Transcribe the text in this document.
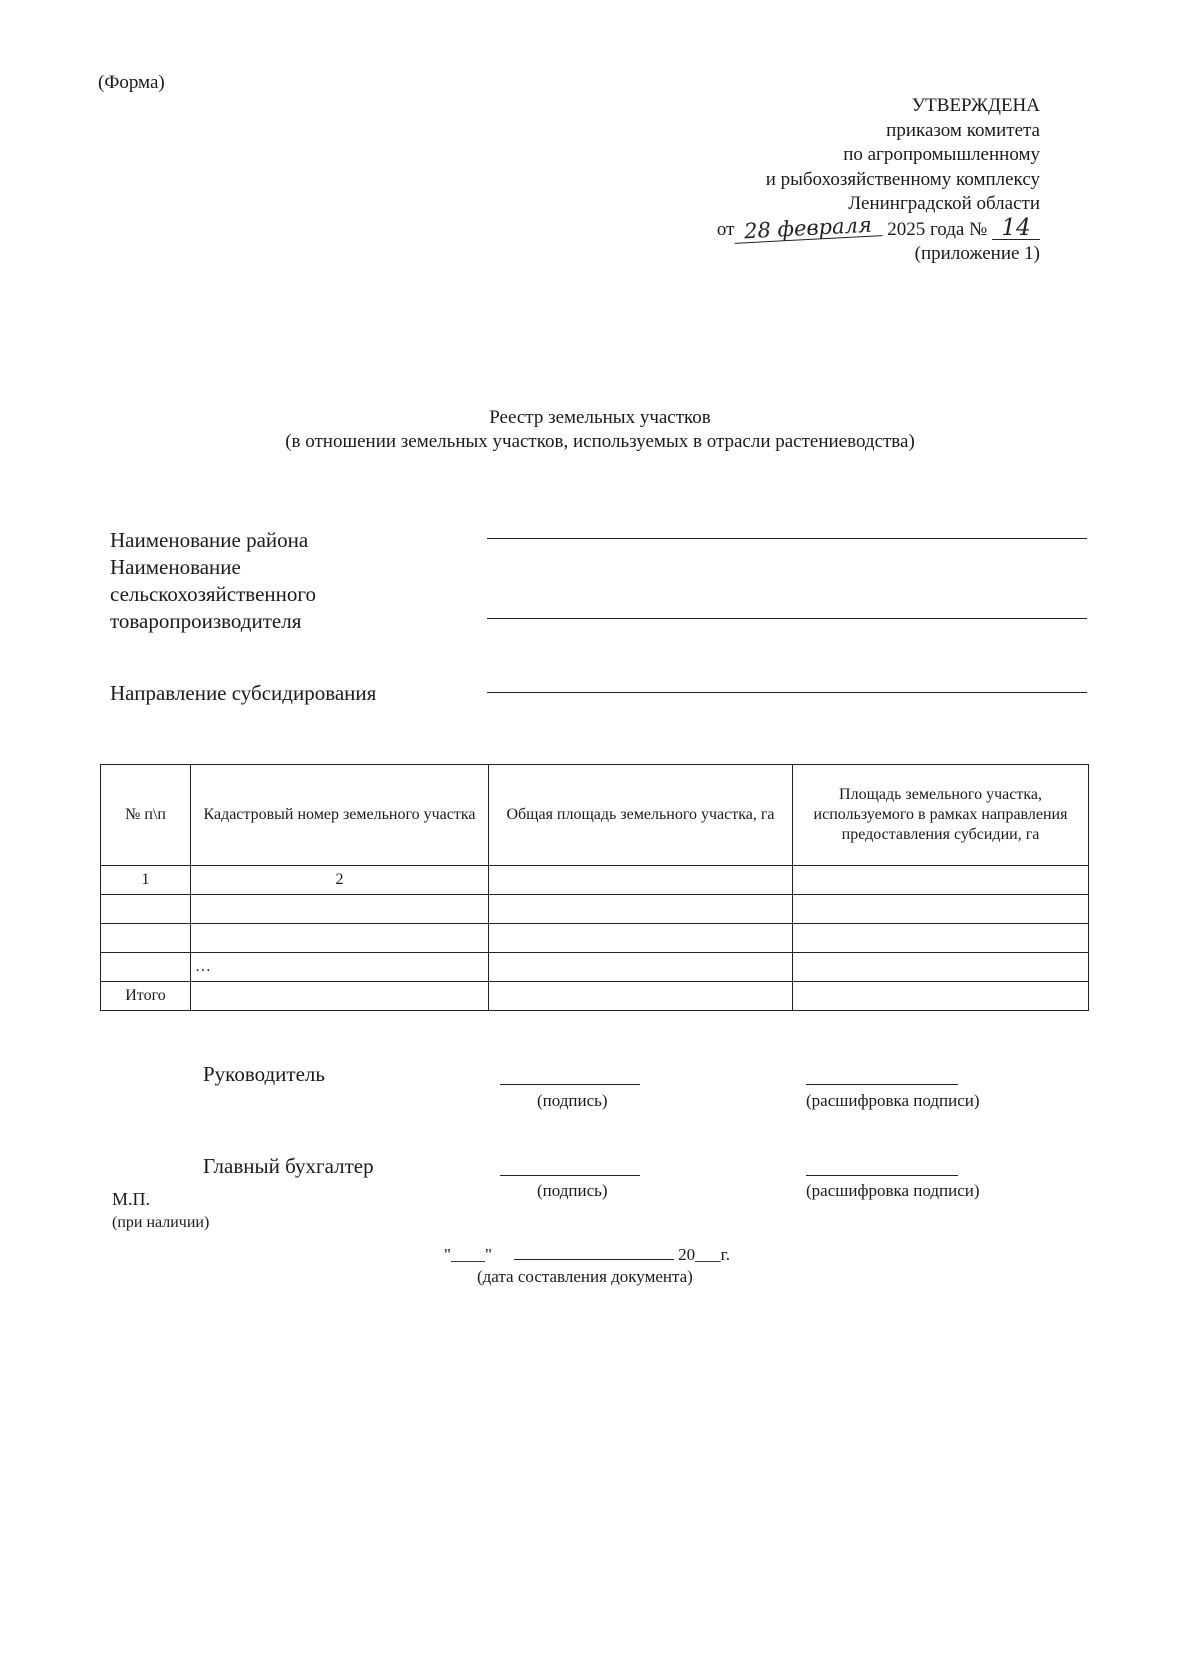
(Форма)
УТВЕРЖДЕНА
приказом комитета
по агропромышленному
и рыбохозяйственному комплексу
Ленинградской области
от 28 февраля 2025 года № 14
(приложение 1)
Реестр земельных участков
(в отношении земельных участков, используемых в отрасли растениеводства)
Наименование района
Наименование
сельскохозяйственного
товаропроизводителя
Направление субсидирования
№ п\п	Кадастровый номер земельного участка	Общая площадь земельного участка, га	Площадь земельного участка, используемого в рамках направления предоставления субсидии, га
1	2		

	…		
Итого			
Руководитель
(подпись)	(расшифровка подписи)
Главный бухгалтер
(подпись)	(расшифровка подписи)
М.П.
(при наличии)
"____"	20___г.
(дата составления документа)
